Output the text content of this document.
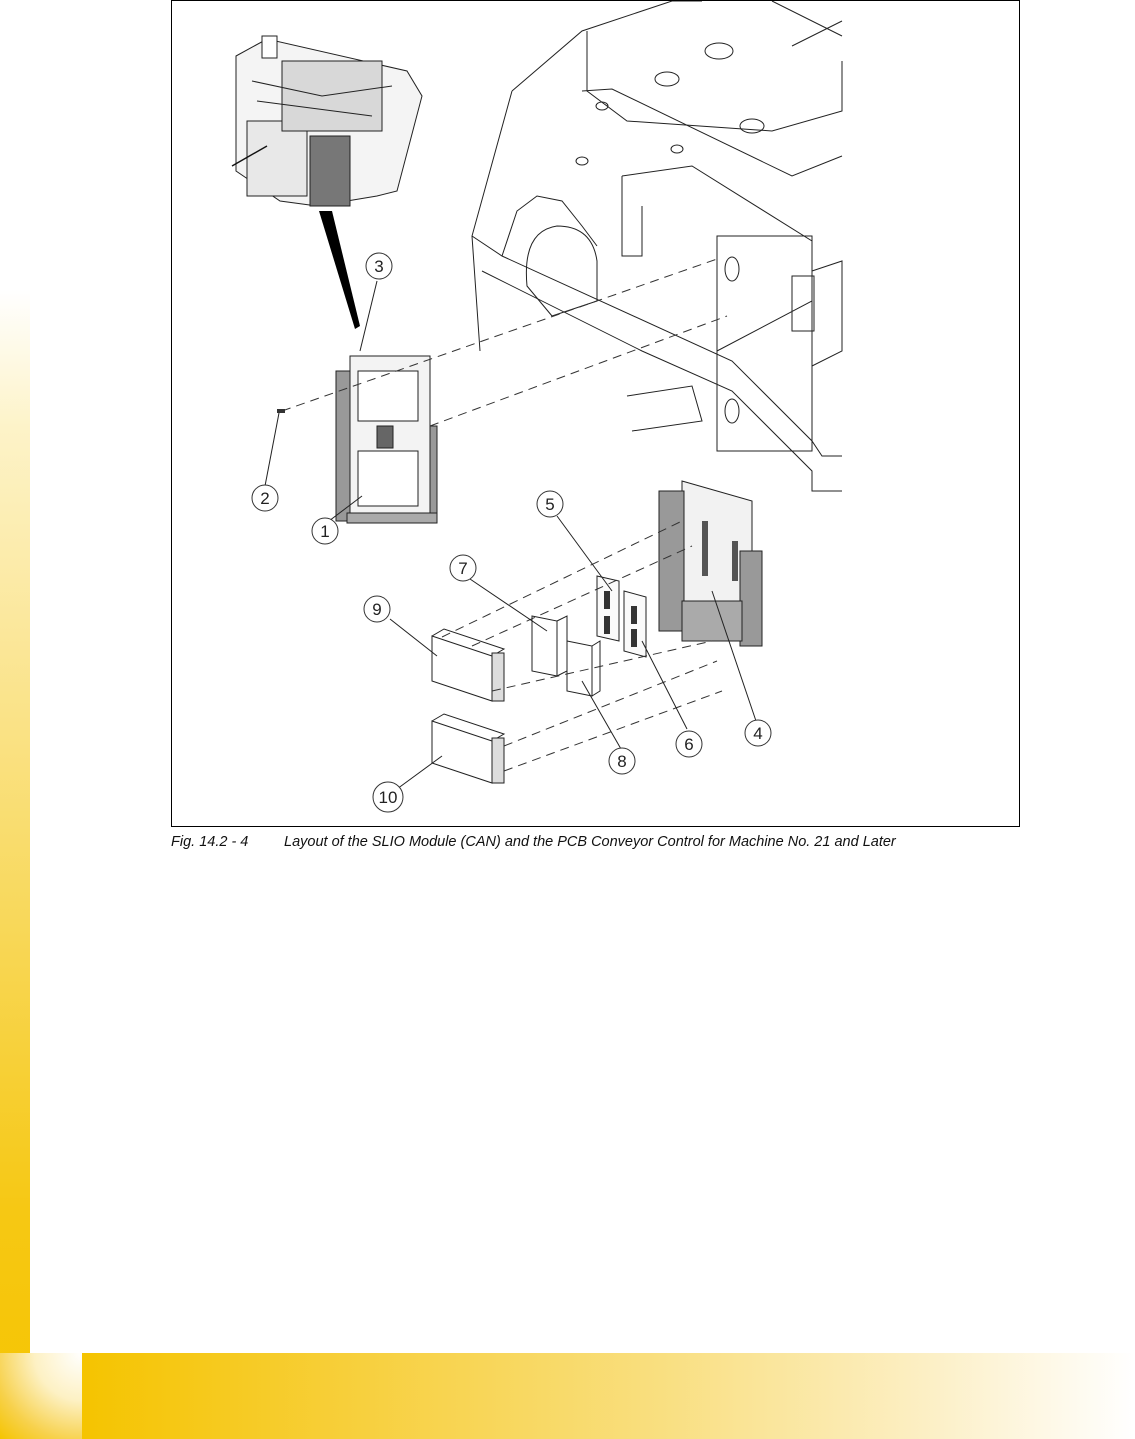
1
2
3
4
5
6
7
8
9
10
Fig. 14.2 - 4 Layout of the SLIO Module (CAN) and the PCB Conveyor Control for Machine No. 21 and Later
